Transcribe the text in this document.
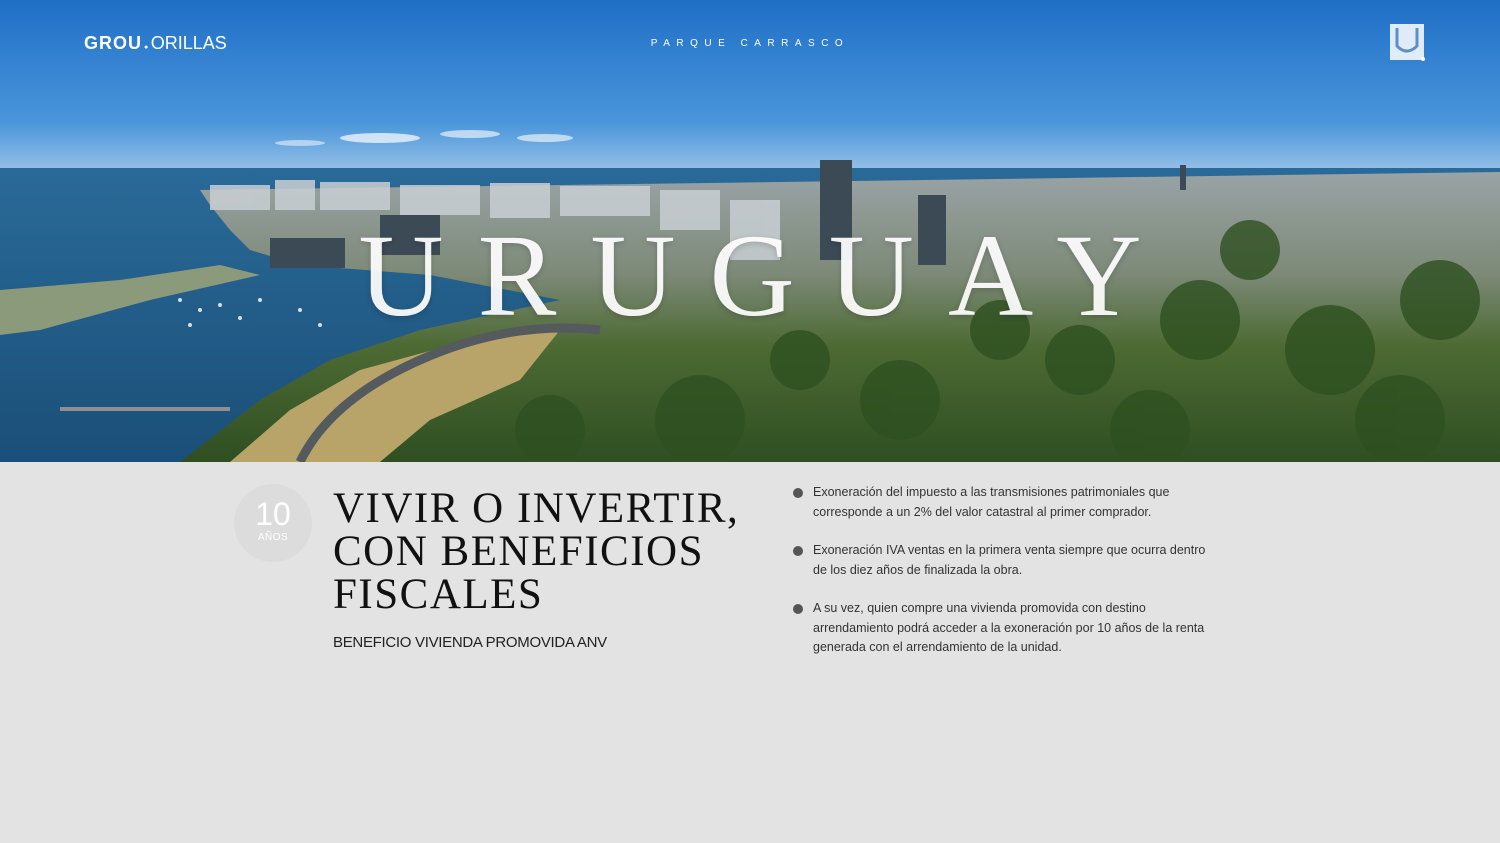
GROU ● ORILLAS	PARQUE CARRASCO
URUGUAY
10
AÑOS
VIVIR O INVERTIR,
CON BENEFICIOS
FISCALES
BENEFICIO VIVIENDA PROMOVIDA ANV
Exoneración del impuesto a las transmisiones patrimoniales que corresponde a un 2% del valor catastral al primer comprador.
Exoneración IVA ventas en la primera venta siempre que ocurra dentro de los diez años de finalizada la obra.
A su vez, quien compre una vivienda promovida con destino arrendamiento podrá acceder a la exoneración por 10 años de la renta generada con el arrendamiento de la unidad.
